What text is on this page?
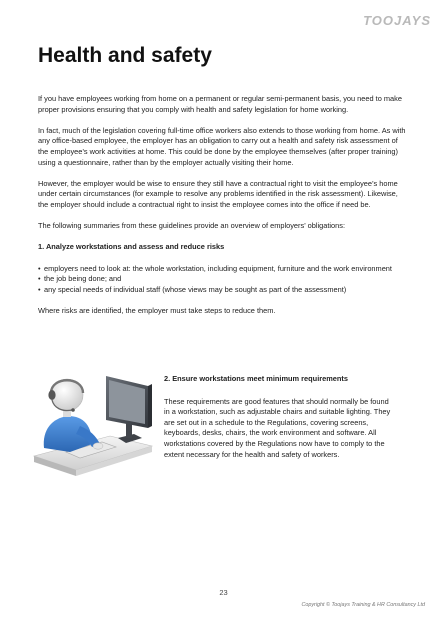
TOOJAYS
Health and safety

If you have employees working from home on a permanent or regular semi-permanent basis, you need to make proper provisions ensuring that you comply with health and safety legislation for home working.

In fact, much of the legislation covering full-time office workers also extends to those working from home. As with any office-based employee, the employer has an obligation to carry out a health and safety risk assessment of the employee’s work activities at home. This could be done by the employee themselves (after proper training) using a questionnaire, rather than by the employer actually visiting their home.

However, the employer would be wise to ensure they still have a contractual right to visit the employee’s home under certain circumstances (for example to resolve any problems identified in the risk assessment). Likewise, the employer should include a contractual right to insist the employee comes into the office if need be.

The following summaries from these guidelines provide an overview of employers’ obligations:

1. Analyze workstations and assess and reduce risks

• employers need to look at: the whole workstation, including equipment, furniture and the work environment
• the job being done; and
• any special needs of individual staff (whose views may be sought as part of the assessment)

Where risks are identified, the employer must take steps to reduce them.

2. Ensure workstations meet minimum requirements

These requirements are good features that should normally be found in a workstation, such as adjustable chairs and suitable lighting. They are set out in a schedule to the Regulations, covering screens, keyboards, desks, chairs, the work environment and software. All workstations covered by the Regulations now have to comply to the extent necessary for the health and safety of workers.

23
Copyright © Toojays Training & HR Consultancy Ltd
